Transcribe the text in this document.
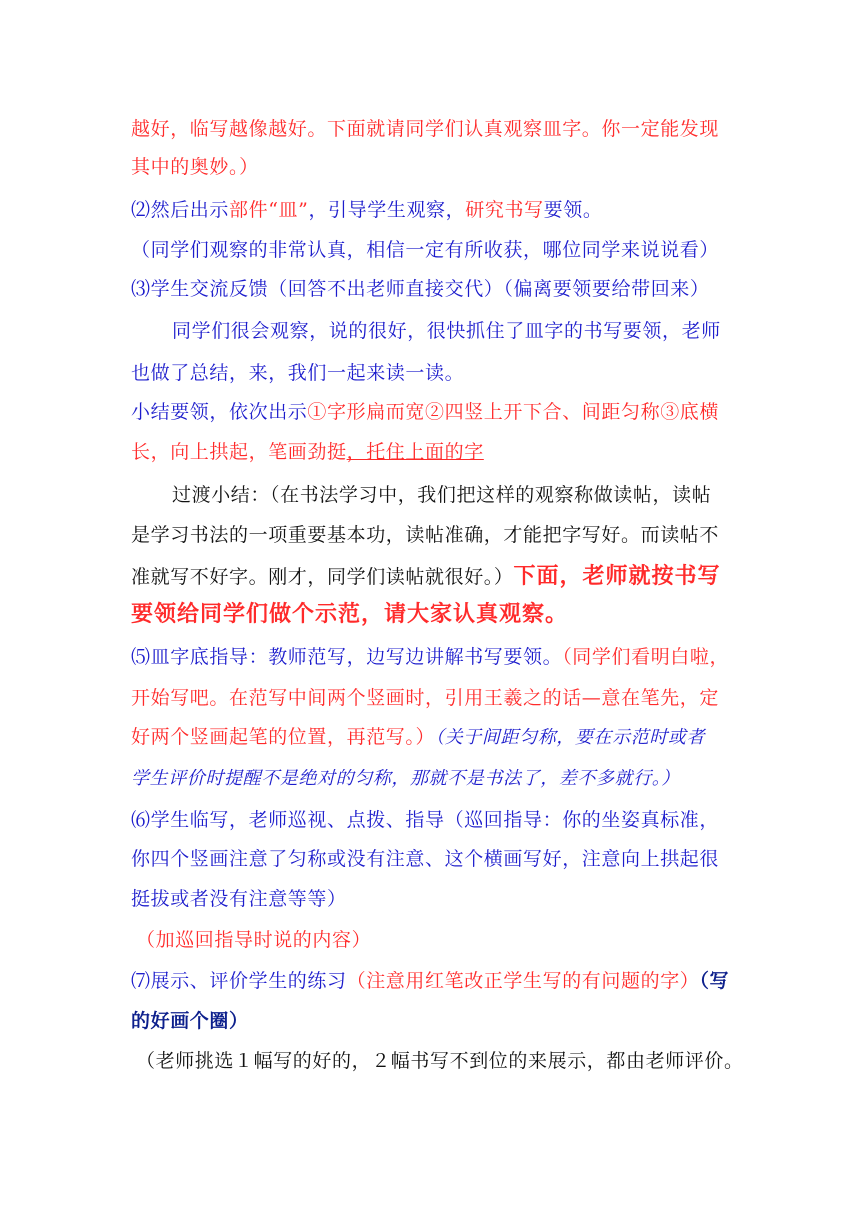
越好，临写越像越好。下面就请同学们认真观察皿字。你一定能发现
其中的奥妙。）
⑵然后出示部件“皿”，引导学生观察，研究书写要领。
（同学们观察的非常认真，相信一定有所收获，哪位同学来说说看）
⑶学生交流反馈（回答不出老师直接交代）（偏离要领要给带回来）
同学们很会观察，说的很好，很快抓住了皿字的书写要领，老师
也做了总结，来，我们一起来读一读。
小结要领，依次出示①字形扁而宽②四竖上开下合、间距匀称③底横
长，向上拱起，笔画劲挺，托住上面的字
过渡小结：（在书法学习中，我们把这样的观察称做读帖，读帖
是学习书法的一项重要基本功，读帖准确，才能把字写好。而读帖不
准就写不好字。刚才，同学们读帖就很好。）下面，老师就按书写
要领给同学们做个示范，请大家认真观察。
⑸皿字底指导：教师范写，边写边讲解书写要领。（同学们看明白啦，
开始写吧。在范写中间两个竖画时，引用王羲之的话—意在笔先，定
好两个竖画起笔的位置，再范写。）（关于间距匀称，要在示范时或者
学生评价时提醒不是绝对的匀称，那就不是书法了，差不多就行。）
⑹学生临写，老师巡视、点拨、指导（巡回指导：你的坐姿真标准，
你四个竖画注意了匀称或没有注意、这个横画写好，注意向上拱起很
挺拔或者没有注意等等）
（加巡回指导时说的内容）
⑺展示、评价学生的练习（注意用红笔改正学生写的有问题的字）（写
的好画个圈）
（老师挑选１幅写的好的，２幅书写不到位的来展示，都由老师评价。
